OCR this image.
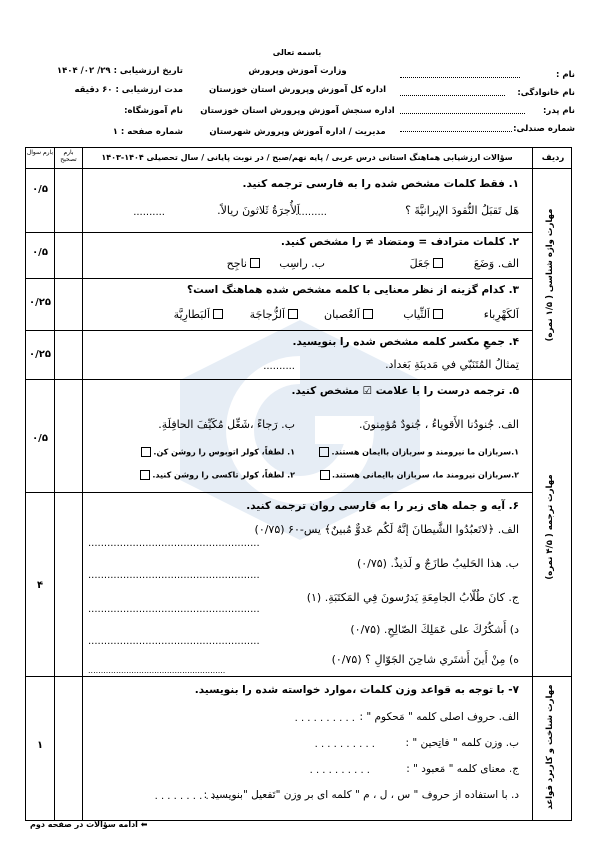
باسمه تعالی
نام :
نام خانوادگی:
نام پدر:
شماره صندلی:
وزارت آموزش وپرورش
اداره کل آموزش وپرورش استان خوزستان
اداره سنجش آموزش وپرورش استان خوزستان
مدیریت / اداره آموزش وپرورش شهرستان
تاریخ ارزشیابی : ۲۹/ ۰۲/ ۱۴۰۴
مدت ارزشیابی : ۶۰ دقیقه
نام آموزشگاه:
شماره صفحه : ۱
ردیف
سؤالات ارزشیابی هماهنگ استانی درس عربی / پایه نهم/صبح / در نوبت پایانی / سال تحصیلی ۱۴۰۴-۱۴۰۳
بارم تصحیح
بارم سوال
مهارت واژه شناسی ( ۱/۵ نمره)
مهارت ترجمه ( ۴/۵ نمره)
مهارت شناخت و کاربرد قواعد
۱. فقط کلمات مشخص شده را به فارسی ترجمه کنید.
هَل تَقبَلُ النُّقودَ الإيرانيَّةَ ؟
..........
اَلأُجرَةُ ثَلاثونَ ريالاً.
..........
۰/۵
۲. کلمات مترادف = ومتضاد ≠ را مشخص کنید.
الف. وَضَعَ
جَعَلَ
ب. راسِب
ناجِح
۰/۵
۳. کدام گزینه از نظر معنایی با کلمه مشخص شده هماهنگ است؟
اَلكَهْرِباء
اَلثِّياب
اَلغُصبان
اَلزُّجاجَة
اَلبَطارِيَّة
۰/۲۵
۴. جمعِ مکسر کلمه مشخص شده را بنویسید.
تِمثالُ المُتَنَبّي في مَدينَةِ بَغداد.
..........
۰/۲۵
۵. ترجمه درست را با علامت ☑ مشخص کنید.
الف. جُنودُنا الأَقوياءُ ، جُنودٌ مُؤمِنونَ.
۱.سربازان ما نیرومند و سربازان باایمان هستند.
۲.سربازان نیرومند ما، سربازان باایمانی هستند.
ب. رَجاءً ،شَغِّل مُكَيِّفَ الحافِلَةِ.
۱. لطفاً، کولر اتوبوس را روشن کن.
۲. لطفاً، کولر تاکسی را روشن کنید.
۰/۵
۶. آیه و جمله های زیر را به فارسی روان ترجمه کنید.
الف. ﴿لاتَعبُدُوا الشَّيطانَ إنَّهُ لَكُم عَدوٌّ مُبينٌ﴾ یس-۶۰ (۰/۷۵)
......................................................
ب. هذا الحَليبُ طازَجٌ و لَذيذٌ. (۰/۷۵)
......................................................
ج. كانَ طُلّابُ الجامِعَةِ يَدرُسونَ فِي المَكتَبَةِ. (۱)
......................................................
د) أَشكُرُكَ علی عَمَلِكَ الصّالِحِ. (۰/۷۵)
......................................................
ه) مِنْ أَينَ أَشتَري شاحِنَ الجَوّالِ ؟ (۰/۷۵)
......................................................
۴
۷- با توجه به قواعد وزن کلمات ،موارد خواسته شده را بنویسید.
الف. حروف اصلی کلمه " مَحکوم " :
. . . . . . . . . .
ب. وزن کلمه " فاتِحين " :
. . . . . . . . . .
ج. معنای کلمه " مَعبود " :
. . . . . . . . . .
د. با استفاده از حروف " س ، ل ، م " کلمه ای بر وزن "تَفعيل "بنويسيد :
. . . . . . . . . .
۱
⬅ ادامه سؤالات در صفحه دوم
